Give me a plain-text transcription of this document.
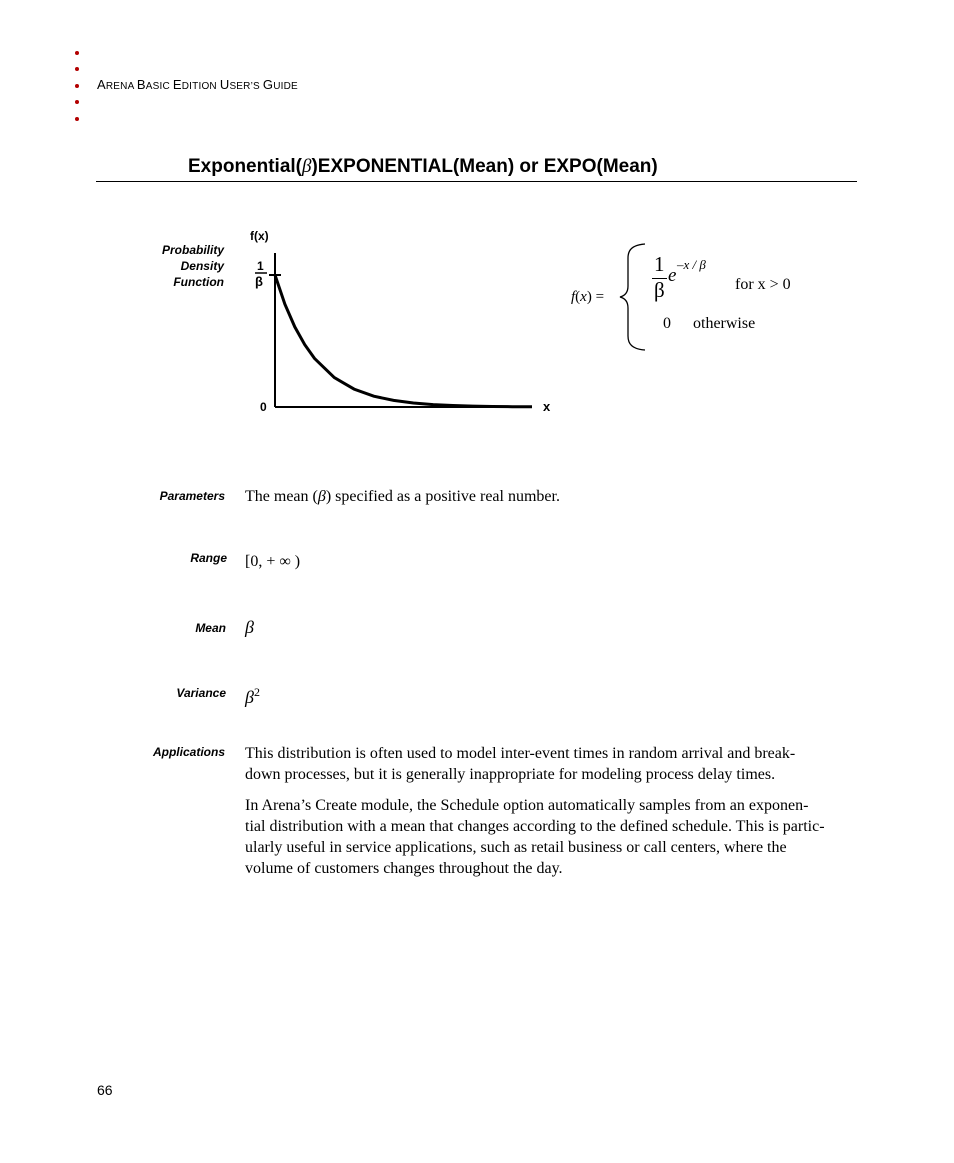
ARENA BASIC EDITION USER’S GUIDE
Exponential(β)EXPONENTIAL(Mean) or EXPO(Mean)
Probability
Density
Function
f(x)
1
β
0	x
f(x) =
1
β
e
–x / β
for x > 0
0 otherwise
Parameters The mean (β) specified as a positive real number.
Range [0, + ∞ )
Mean β
Variance $\beta^2$
Applications This distribution is often used to model inter-event times in random arrival and break-
down processes, but it is generally inappropriate for modeling process delay times.
In Arena’s Create module, the Schedule option automatically samples from an exponen-
tial distribution with a mean that changes according to the defined schedule. This is partic-
ularly useful in service applications, such as retail business or call centers, where the
volume of customers changes throughout the day.
66
